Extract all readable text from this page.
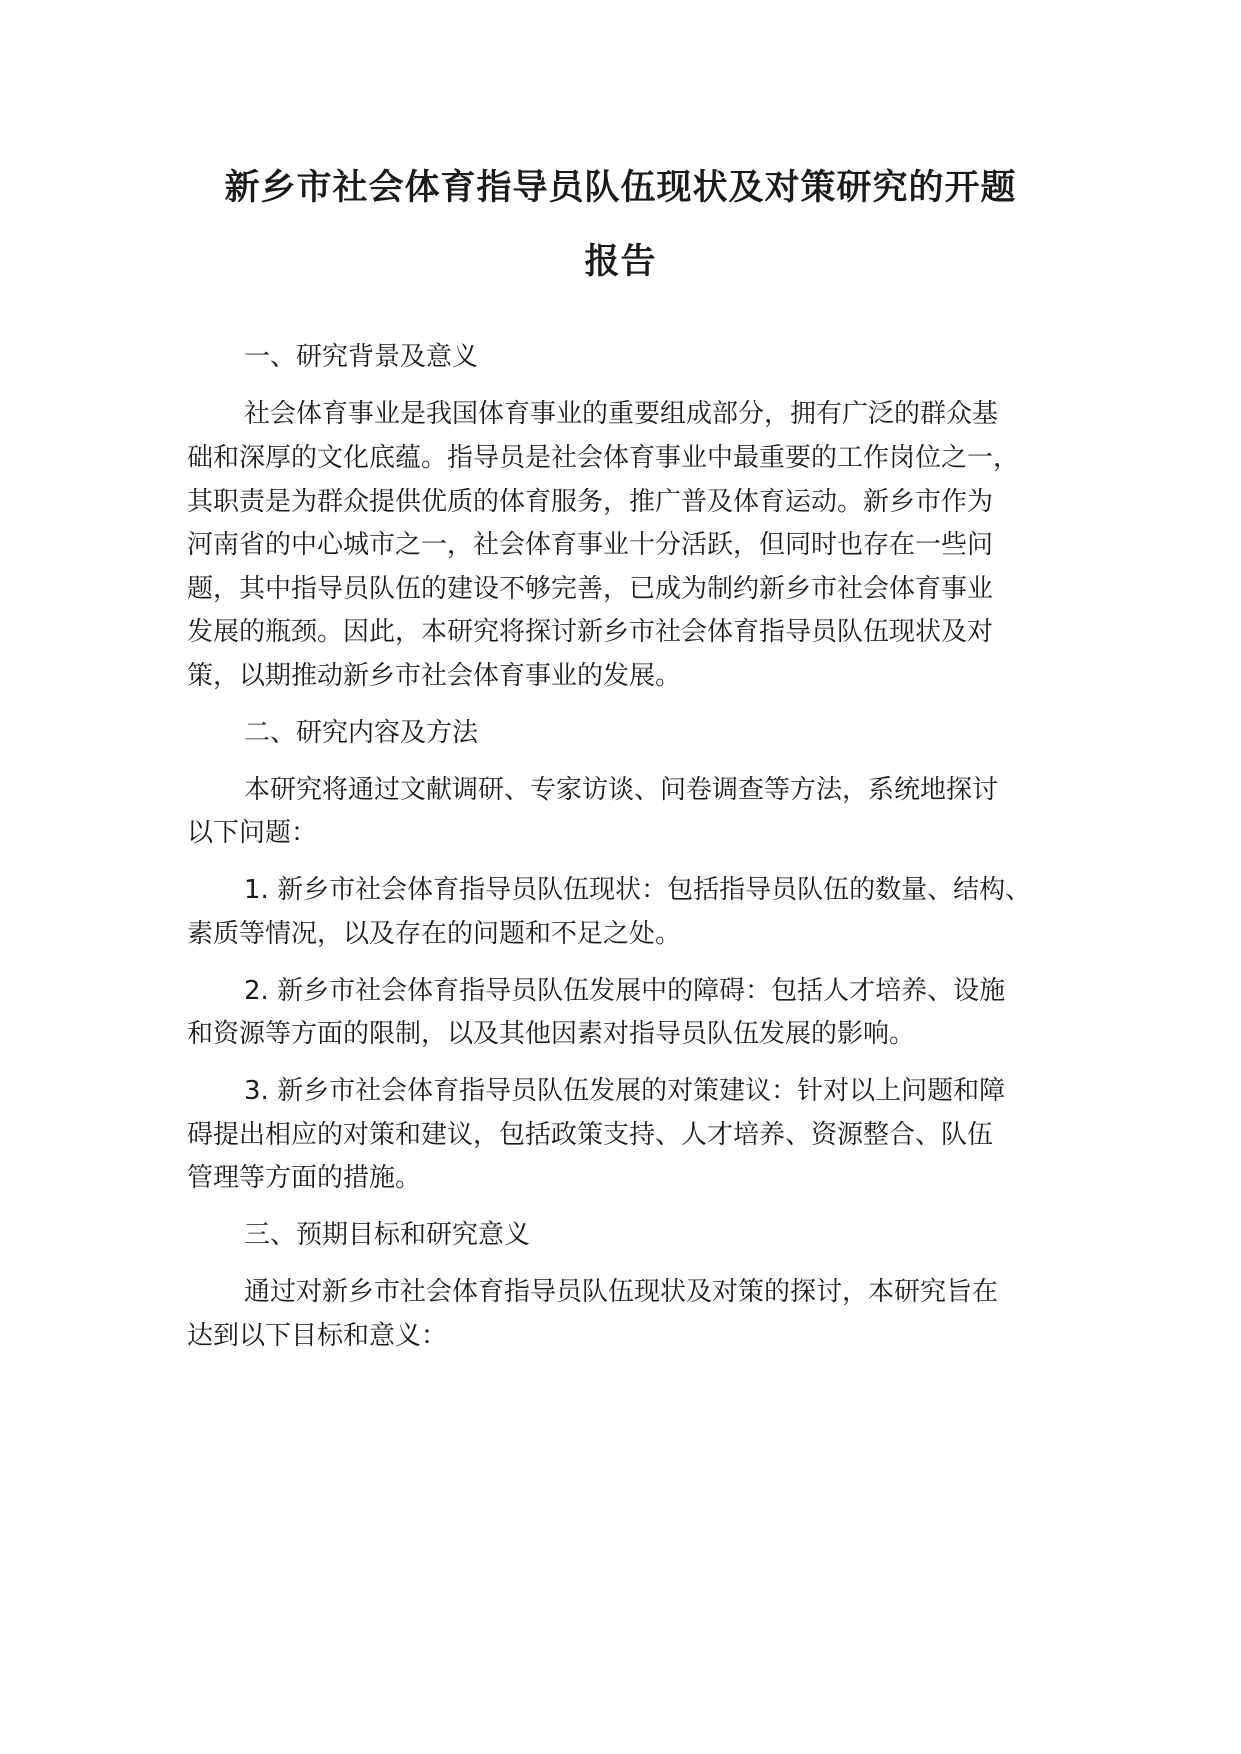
新乡市社会体育指导员队伍现状及对策研究的开题
报告
一、研究背景及意义
社会体育事业是我国体育事业的重要组成部分，拥有广泛的群众基
础和深厚的文化底蕴。指导员是社会体育事业中最重要的工作岗位之一，
其职责是为群众提供优质的体育服务，推广普及体育运动。新乡市作为
河南省的中心城市之一，社会体育事业十分活跃，但同时也存在一些问
题，其中指导员队伍的建设不够完善，已成为制约新乡市社会体育事业
发展的瓶颈。因此，本研究将探讨新乡市社会体育指导员队伍现状及对
策，以期推动新乡市社会体育事业的发展。
二、研究内容及方法
本研究将通过文献调研、专家访谈、问卷调查等方法，系统地探讨
以下问题：
1. 新乡市社会体育指导员队伍现状：包括指导员队伍的数量、结构、
素质等情况，以及存在的问题和不足之处。
2. 新乡市社会体育指导员队伍发展中的障碍：包括人才培养、设施
和资源等方面的限制，以及其他因素对指导员队伍发展的影响。
3. 新乡市社会体育指导员队伍发展的对策建议：针对以上问题和障
碍提出相应的对策和建议，包括政策支持、人才培养、资源整合、队伍
管理等方面的措施。
三、预期目标和研究意义
通过对新乡市社会体育指导员队伍现状及对策的探讨，本研究旨在
达到以下目标和意义：
